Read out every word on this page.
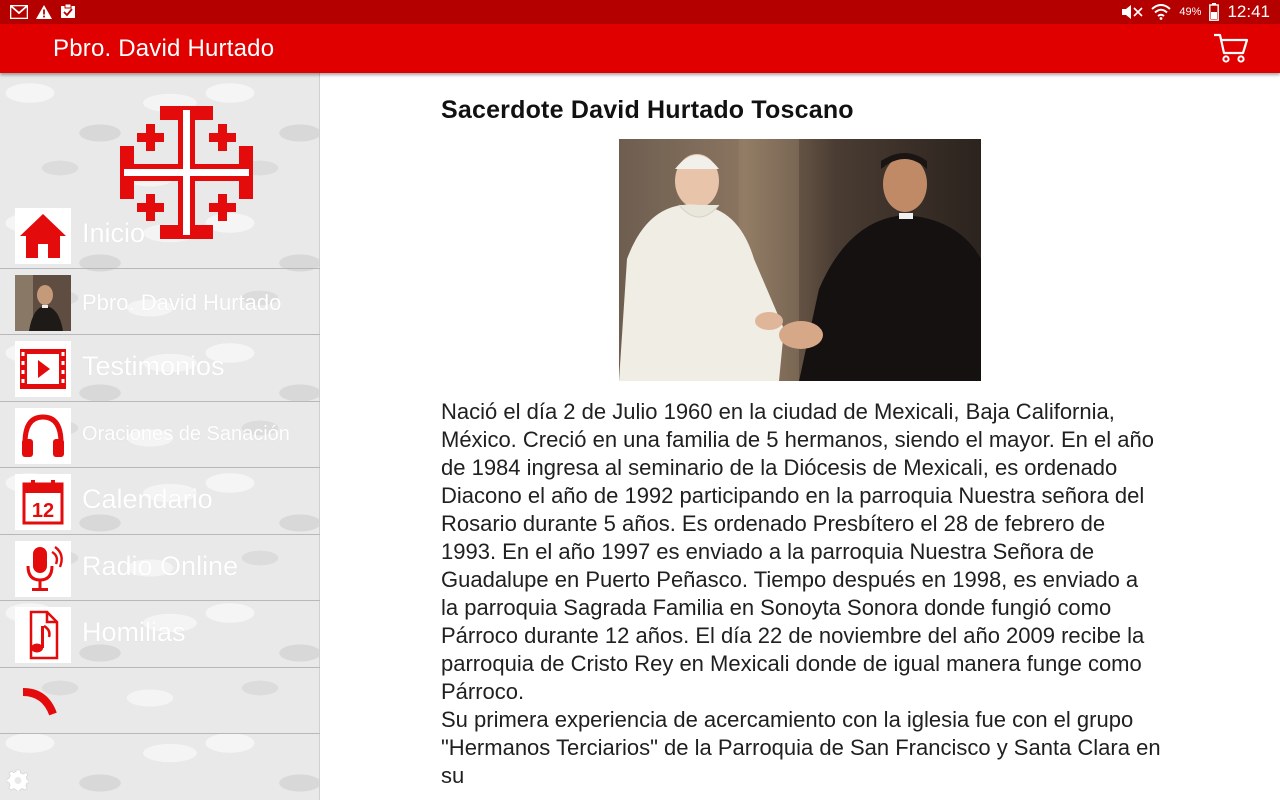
49% 12:41
Pbro. David Hurtado
Inicio
Pbro. David Hurtado
Testimonios
Oraciones de Sanación
12 Calendario
Radio Online
Homilias
Sacerdote David Hurtado Toscano

Nació el día 2 de Julio 1960 en la ciudad de Mexicali, Baja California, México. Creció en una familia de 5 hermanos, siendo el mayor. En el año de 1984 ingresa al seminario de la Diócesis de Mexicali, es ordenado Diacono el año de 1992 participando en la parroquia Nuestra señora del Rosario durante 5 años. Es ordenado Presbítero el 28 de febrero de 1993. En el año 1997 es enviado a la parroquia Nuestra Señora de Guadalupe en Puerto Peñasco. Tiempo después en 1998, es enviado a la parroquia Sagrada Familia en Sonoyta Sonora donde fungió como Párroco durante 12 años. El día 22 de noviembre del año 2009 recibe la parroquia de Cristo Rey en Mexicali donde de igual manera funge como Párroco.

Su primera experiencia de acercamiento con la iglesia fue con el grupo

"Hermanos Terciarios" de la Parroquia de San Francisco y Santa Clara en su
